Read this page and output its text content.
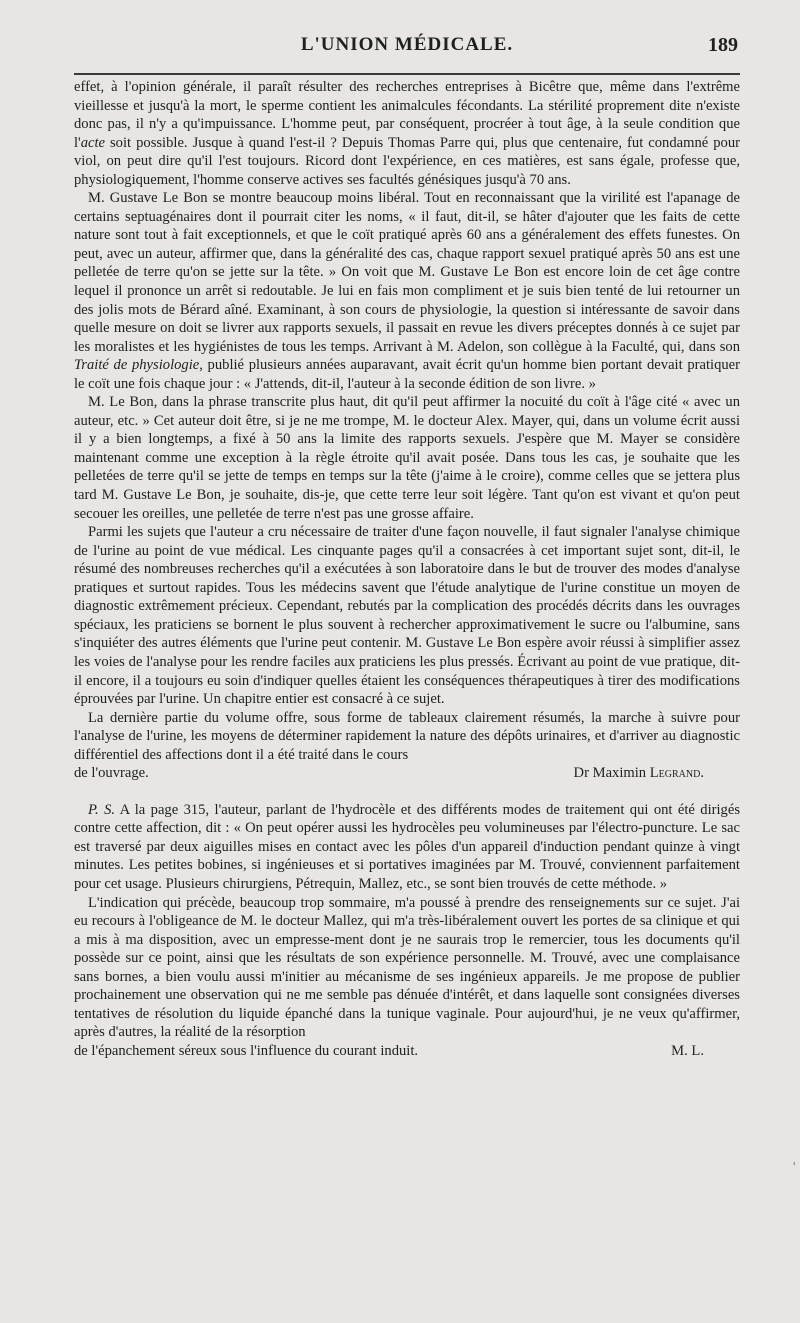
L'UNION MÉDICALE.	189

effet, à l'opinion générale, il paraît résulter des recherches entreprises à Bicêtre que, même dans l'extrême vieillesse et jusqu'à la mort, le sperme contient les animalcules fécondants. La stérilité proprement dite n'existe donc pas, il n'y a qu'impuissance. L'homme peut, par conséquent, procréer à tout âge, à la seule condition que l'acte soit possible. Jusque à quand l'est-il ? Depuis Thomas Parre qui, plus que centenaire, fut condamné pour viol, on peut dire qu'il l'est toujours. Ricord dont l'expérience, en ces matières, est sans égale, professe que, physiologiquement, l'homme conserve actives ses facultés génésiques jusqu'à 70 ans.

M. Gustave Le Bon se montre beaucoup moins libéral. Tout en reconnaissant que la virilité est l'apanage de certains septuagénaires dont il pourrait citer les noms, « il faut, dit-il, se hâter d'ajouter que les faits de cette nature sont tout à fait exceptionnels, et que le coït pratiqué après 60 ans a généralement des effets funestes. On peut, avec un auteur, affirmer que, dans la généralité des cas, chaque rapport sexuel pratiqué après 50 ans est une pelletée de terre qu'on se jette sur la tête. » On voit que M. Gustave Le Bon est encore loin de cet âge contre lequel il prononce un arrêt si redoutable. Je lui en fais mon compliment et je suis bien tenté de lui retourner un des jolis mots de Bérard aîné. Examinant, à son cours de physiologie, la question si intéressante de savoir dans quelle mesure on doit se livrer aux rapports sexuels, il passait en revue les divers préceptes donnés à ce sujet par les moralistes et les hygiénistes de tous les temps. Arrivant à M. Adelon, son collègue à la Faculté, qui, dans son Traité de physiologie, publié plusieurs années auparavant, avait écrit qu'un homme bien portant devait pratiquer le coït une fois chaque jour : « J'attends, dit-il, l'auteur à la seconde édition de son livre. »

M. Le Bon, dans la phrase transcrite plus haut, dit qu'il peut affirmer la nocuité du coït à l'âge cité « avec un auteur, etc. » Cet auteur doit être, si je ne me trompe, M. le docteur Alex. Mayer, qui, dans un volume écrit aussi il y a bien longtemps, a fixé à 50 ans la limite des rapports sexuels. J'espère que M. Mayer se considère maintenant comme une exception à la règle étroite qu'il avait posée. Dans tous les cas, je souhaite que les pelletées de terre qu'il se jette de temps en temps sur la tête (j'aime à le croire), comme celles que se jettera plus tard M. Gustave Le Bon, je souhaite, dis-je, que cette terre leur soit légère. Tant qu'on est vivant et qu'on peut secouer les oreilles, une pelletée de terre n'est pas une grosse affaire.

Parmi les sujets que l'auteur a cru nécessaire de traiter d'une façon nouvelle, il faut signaler l'analyse chimique de l'urine au point de vue médical. Les cinquante pages qu'il a consacrées à cet important sujet sont, dit-il, le résumé des nombreuses recherches qu'il a exécutées à son laboratoire dans le but de trouver des modes d'analyse pratiques et surtout rapides. Tous les médecins savent que l'étude analytique de l'urine constitue un moyen de diagnostic extrêmement précieux. Cependant, rebutés par la complication des procédés décrits dans les ouvrages spéciaux, les praticiens se bornent le plus souvent à rechercher approximativement le sucre ou l'albumine, sans s'inquiéter des autres éléments que l'urine peut contenir. M. Gustave Le Bon espère avoir réussi à simplifier assez les voies de l'analyse pour les rendre faciles aux praticiens les plus pressés. Écrivant au point de vue pratique, dit-il encore, il a toujours eu soin d'indiquer quelles étaient les conséquences thérapeutiques à tirer des modifications éprouvées par l'urine. Un chapitre entier est consacré à ce sujet.

La dernière partie du volume offre, sous forme de tableaux clairement résumés, la marche à suivre pour l'analyse de l'urine, les moyens de déterminer rapidement la nature des dépôts urinaires, et d'arriver au diagnostic différentiel des affections dont il a été traité dans le cours

de l'ouvrage.	Dr Maximin Legrand.

P. S. A la page 315, l'auteur, parlant de l'hydrocèle et des différents modes de traitement qui ont été dirigés contre cette affection, dit : « On peut opérer aussi les hydrocèles peu volumineuses par l'électro-puncture. Le sac est traversé par deux aiguilles mises en contact avec les pôles d'un appareil d'induction pendant quinze à vingt minutes. Les petites bobines, si ingénieuses et si portatives imaginées par M. Trouvé, conviennent parfaitement pour cet usage. Plusieurs chirurgiens, Pétrequin, Mallez, etc., se sont bien trouvés de cette méthode. »

L'indication qui précède, beaucoup trop sommaire, m'a poussé à prendre des renseignements sur ce sujet. J'ai eu recours à l'obligeance de M. le docteur Mallez, qui m'a très-libéralement ouvert les portes de sa clinique et qui a mis à ma disposition, avec un empresse-ment dont je ne saurais trop le remercier, tous les documents qu'il possède sur ce point, ainsi que les résultats de son expérience personnelle. M. Trouvé, avec une complaisance sans bornes, a bien voulu aussi m'initier au mécanisme de ses ingénieux appareils. Je me propose de publier prochainement une observation qui ne me semble pas dénuée d'intérêt, et dans laquelle sont consignées diverses tentatives de résolution du liquide épanché dans la tunique vaginale. Pour aujourd'hui, je ne veux qu'affirmer, après d'autres, la réalité de la résorption

de l'épanchement séreux sous l'influence du courant induit.	M. L.
‹
